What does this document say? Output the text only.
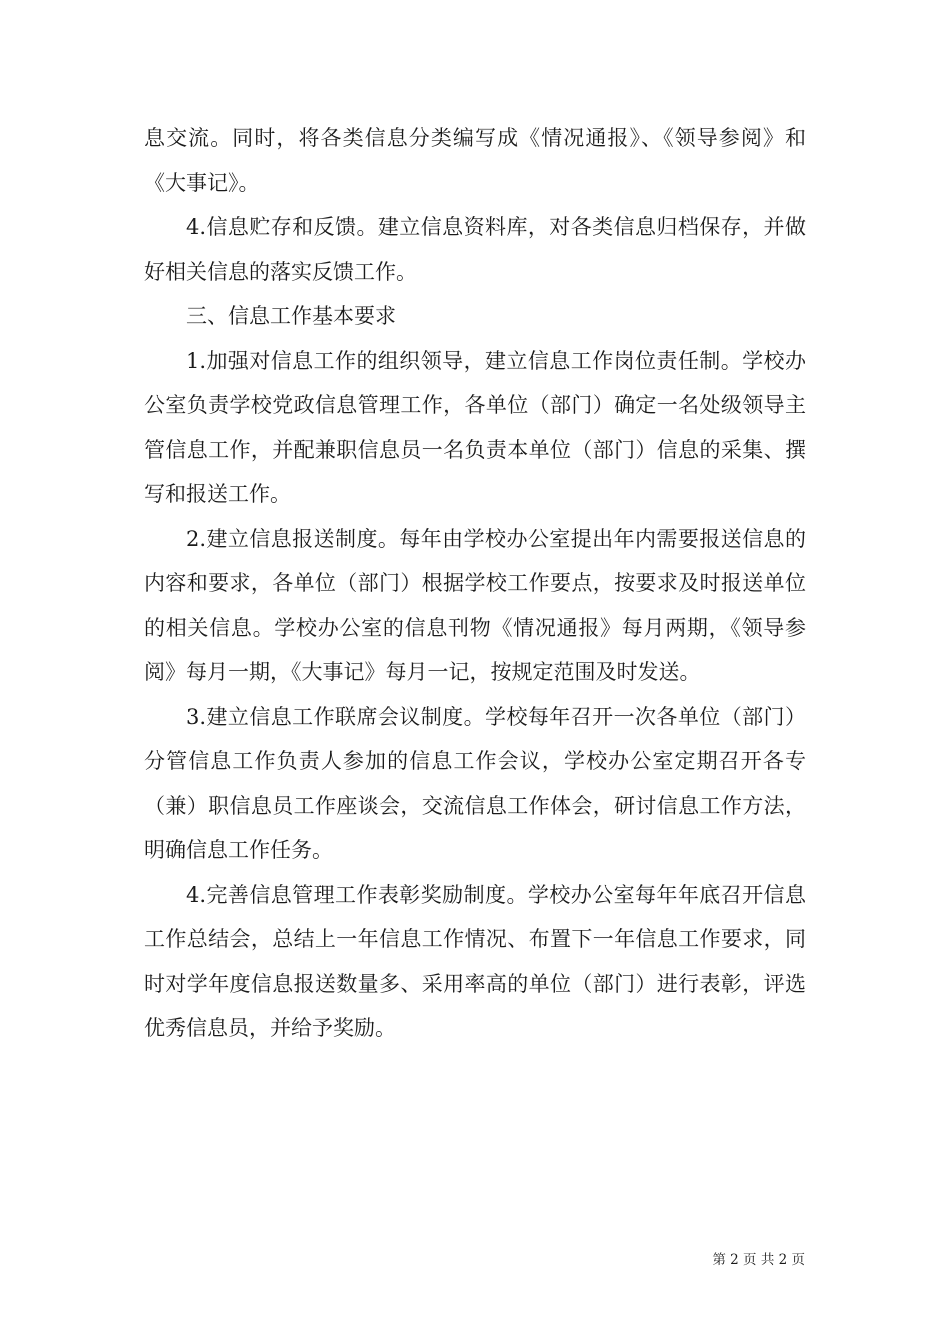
息交流。同时，将各类信息分类编写成《情况通报》、《领导参阅》和《大事记》。

4.信息贮存和反馈。建立信息资料库，对各类信息归档保存，并做好相关信息的落实反馈工作。

三、信息工作基本要求

1.加强对信息工作的组织领导，建立信息工作岗位责任制。学校办公室负责学校党政信息管理工作，各单位（部门）确定一名处级领导主管信息工作，并配兼职信息员一名负责本单位（部门）信息的采集、撰写和报送工作。

2.建立信息报送制度。每年由学校办公室提出年内需要报送信息的内容和要求，各单位（部门）根据学校工作要点，按要求及时报送单位的相关信息。学校办公室的信息刊物《情况通报》每月两期，《领导参阅》每月一期，《大事记》每月一记，按规定范围及时发送。

3.建立信息工作联席会议制度。学校每年召开一次各单位（部门）分管信息工作负责人参加的信息工作会议，学校办公室定期召开各专（兼）职信息员工作座谈会，交流信息工作体会，研讨信息工作方法，明确信息工作任务。

4.完善信息管理工作表彰奖励制度。学校办公室每年年底召开信息工作总结会，总结上一年信息工作情况、布置下一年信息工作要求，同时对学年度信息报送数量多、采用率高的单位（部门）进行表彰，评选优秀信息员，并给予奖励。

第 2 页 共 2 页
